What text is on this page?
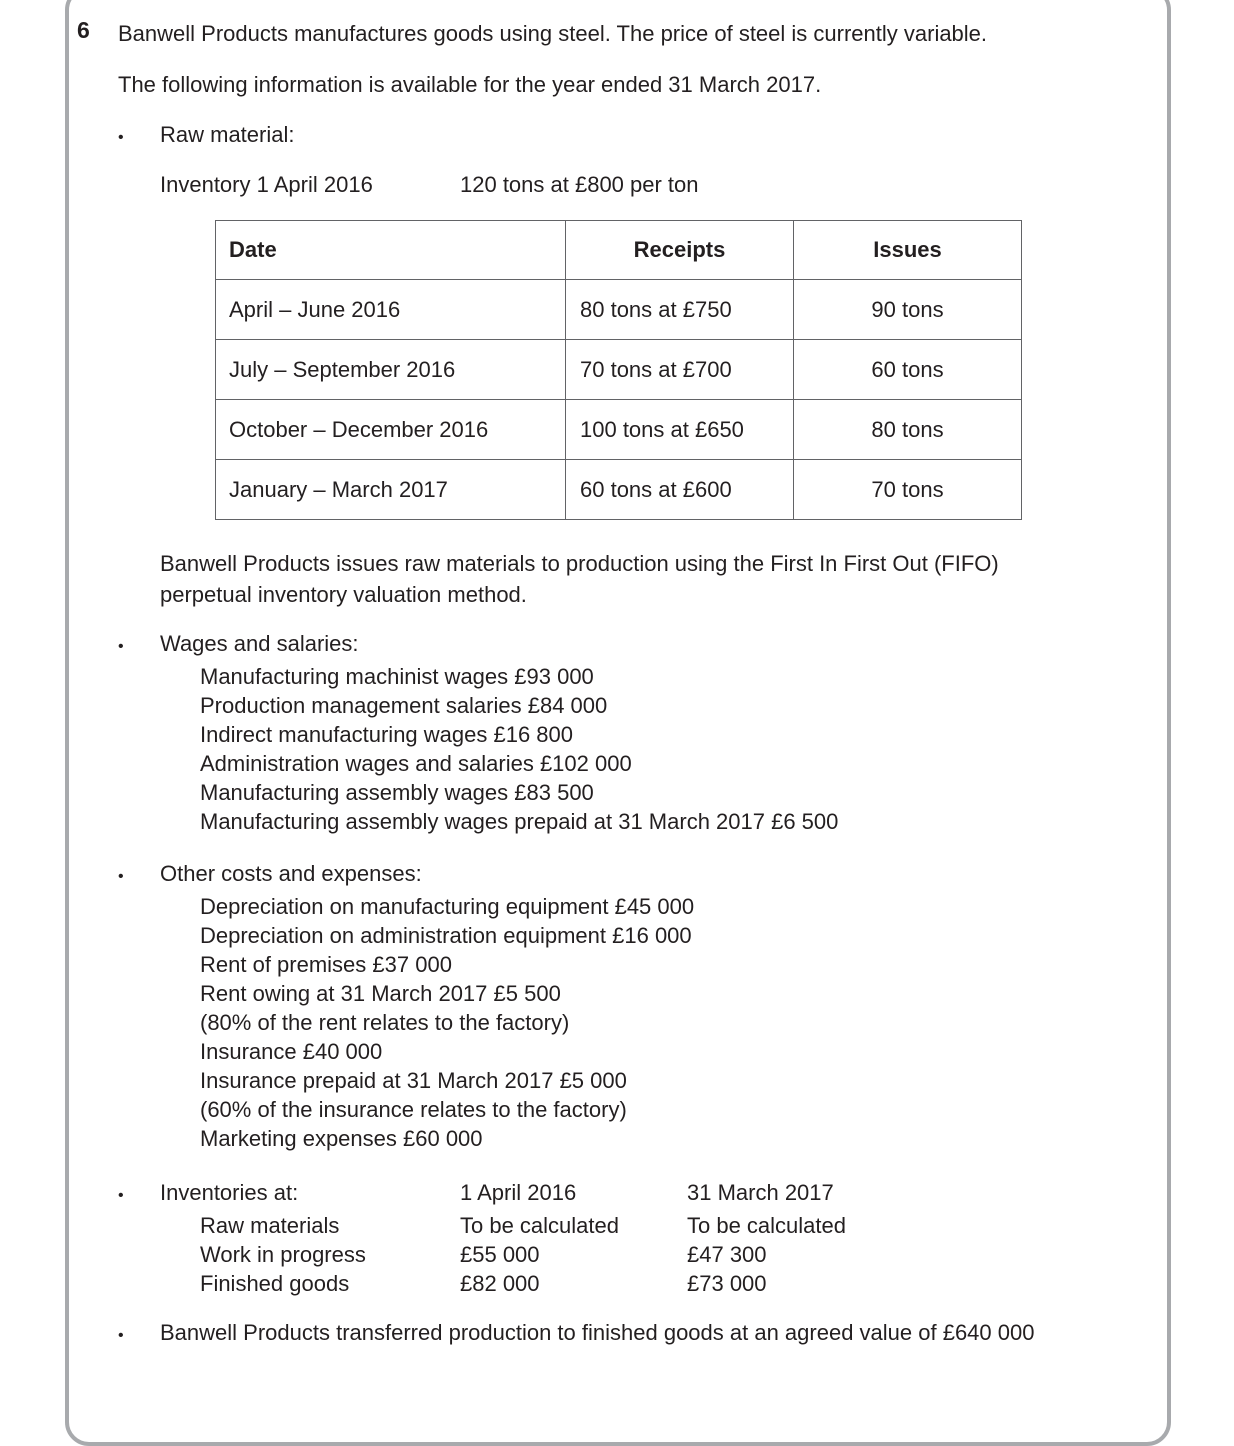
6 Banwell Products manufactures goods using steel. The price of steel is currently variable.

The following information is available for the year ended 31 March 2017.

•
Raw material:
Inventory 1 April 2016	120 tons at £800 per ton
Date	Receipts	Issues
April – June 2016	80 tons at £750	90 tons
July – September 2016	70 tons at £700	60 tons
October – December 2016	100 tons at £650	80 tons
January – March 2017	60 tons at £600	70 tons

Banwell Products issues raw materials to production using the First In First Out (FIFO) perpetual inventory valuation method.

•
Wages and salaries:
Manufacturing machinist wages £93 000
Production management salaries £84 000
Indirect manufacturing wages £16 800
Administration wages and salaries £102 000
Manufacturing assembly wages £83 500
Manufacturing assembly wages prepaid at 31 March 2017 £6 500
•
Other costs and expenses:
Depreciation on manufacturing equipment £45 000
Depreciation on administration equipment £16 000
Rent of premises £37 000
Rent owing at 31 March 2017 £5 500
(80% of the rent relates to the factory)
Insurance £40 000
Insurance prepaid at 31 March 2017 £5 000
(60% of the insurance relates to the factory)
Marketing expenses £60 000
•
Inventories at:	1 April 2016	31 March 2017
Raw materials	To be calculated	To be calculated
Work in progress	£55 000	£47 300
Finished goods	£82 000	£73 000
•
Banwell Products transferred production to finished goods at an agreed value of £640 000
